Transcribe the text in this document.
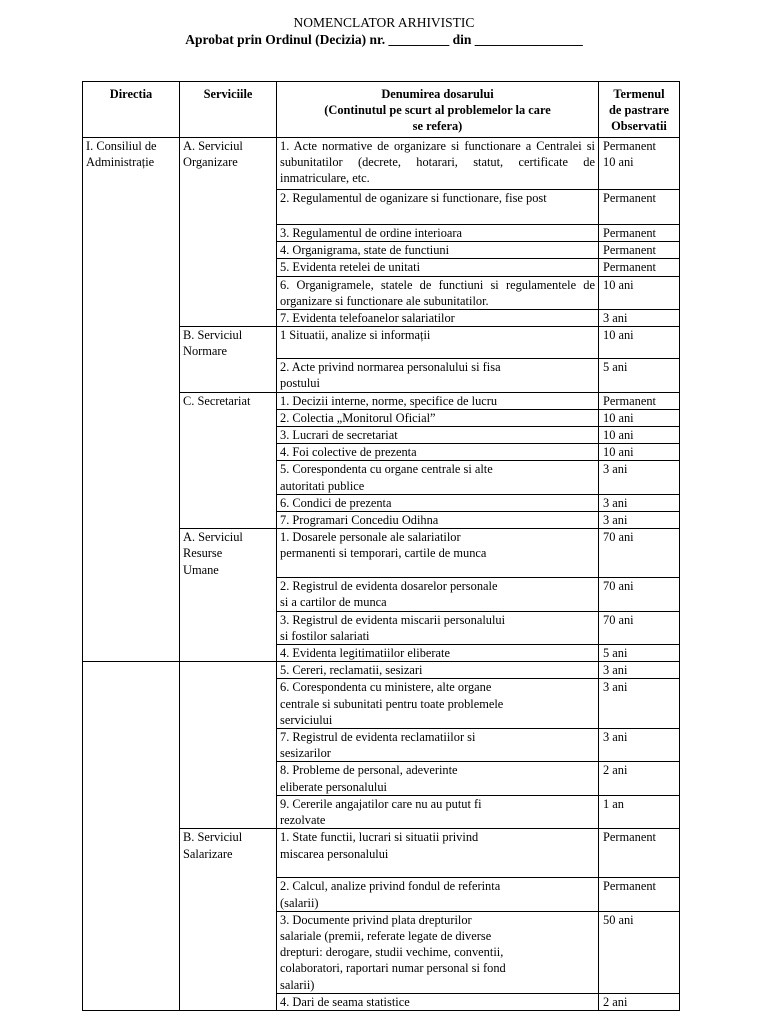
NOMENCLATOR ARHIVISTIC
Aprobat prin Ordinul (Decizia) nr. _________ din ________________
Directia	Serviciile	Denumirea dosarului
(Continutul pe scurt al problemelor la care
se refera)	Termenul
de pastrare
Observatii
I. Consiliul de Administrație	A. Serviciul Organizare	1. Acte normative de organizare si functionare a Centralei si subunitatilor (decrete, hotarari, statut, certificate de inmatriculare, etc.	Permanent
10 ani
		2. Regulamentul de oganizare si functionare, fise post	Permanent
		3. Regulamentul de ordine interioara	Permanent
		4. Organigrama, state de functiuni	Permanent
		5. Evidenta retelei de unitati	Permanent
		6. Organigramele, statele de functiuni si regulamentele de organizare si functionare ale subunitatilor.	10 ani
		7. Evidenta telefoanelor salariatilor	3 ani
	B. Serviciul Normare	1 Situatii, analize si informații	10 ani
		2. Acte privind normarea personalului si fisa
postului	5 ani
	C. Secretariat	1. Decizii interne, norme, specifice de lucru	Permanent
		2. Colectia „Monitorul Oficial”	10 ani
		3. Lucrari de secretariat	10 ani
		4. Foi colective de prezenta	10 ani
		5. Corespondenta cu organe centrale si alte
autoritati publice	3 ani
		6. Condici de prezenta	3 ani
		7. Programari Concediu Odihna	3 ani
	A. Serviciul
Resurse
Umane	1. Dosarele personale ale salariatilor
permanenti si temporari, cartile de munca	70 ani
		2. Registrul de evidenta dosarelor personale
si a cartilor de munca	70 ani
		3. Registrul de evidenta miscarii personalului
si fostilor salariati	70 ani
		4. Evidenta legitimatiilor eliberate	5 ani
		5. Cereri, reclamatii, sesizari	3 ani
		6. Corespondenta cu ministere, alte organe
centrale si subunitati pentru toate problemele
serviciului	3 ani
		7. Registrul de evidenta reclamatiilor si
sesizarilor	3 ani
		8. Probleme de personal, adeverinte
eliberate personalului	2 ani
		9. Cererile angajatilor care nu au putut fi
rezolvate	1 an
	B. Serviciul
Salarizare	1. State functii, lucrari si situatii privind
miscarea personalului	Permanent
		2. Calcul, analize privind fondul de referinta
(salarii)	Permanent
		3. Documente privind plata drepturilor
salariale (premii, referate legate de diverse
drepturi: derogare, studii vechime, conventii,
colaboratori, raportari numar personal si fond
salarii)	50 ani
		4. Dari de seama statistice	2 ani
